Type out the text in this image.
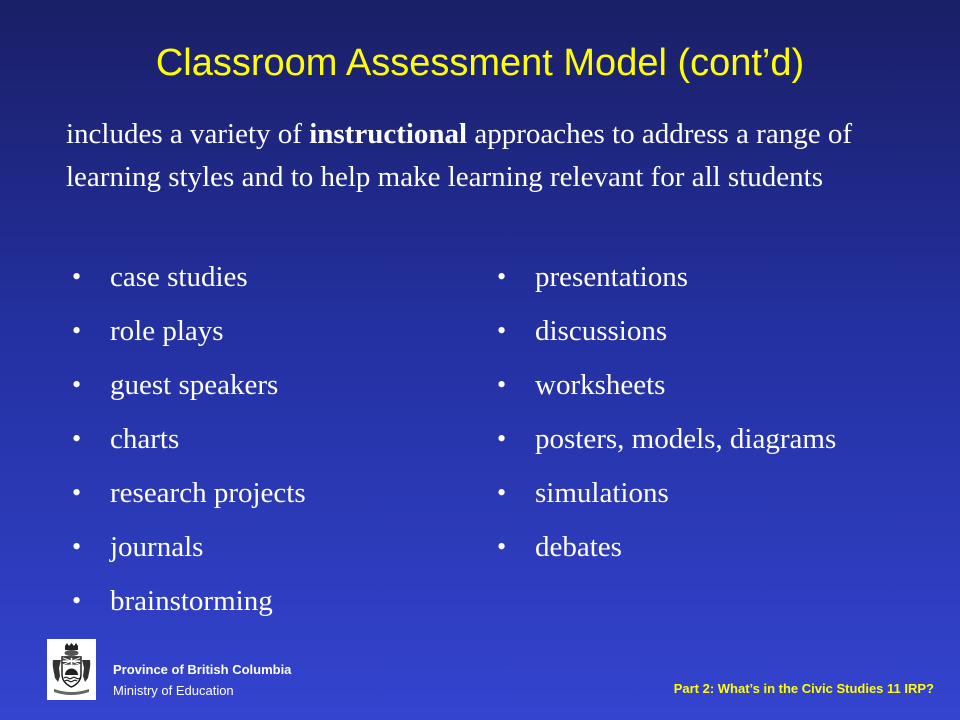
Classroom Assessment Model (cont’d)
includes a variety of instructional approaches to address a range of learning styles and to help make learning relevant for all students
• case studies
• role plays
• guest speakers
• charts
• research projects
• journals
• brainstorming
• presentations
• discussions
• worksheets
• posters, models, diagrams
• simulations
• debates
Province of British Columbia
Ministry of Education	Part 2: What’s in the Civic Studies 11 IRP?
